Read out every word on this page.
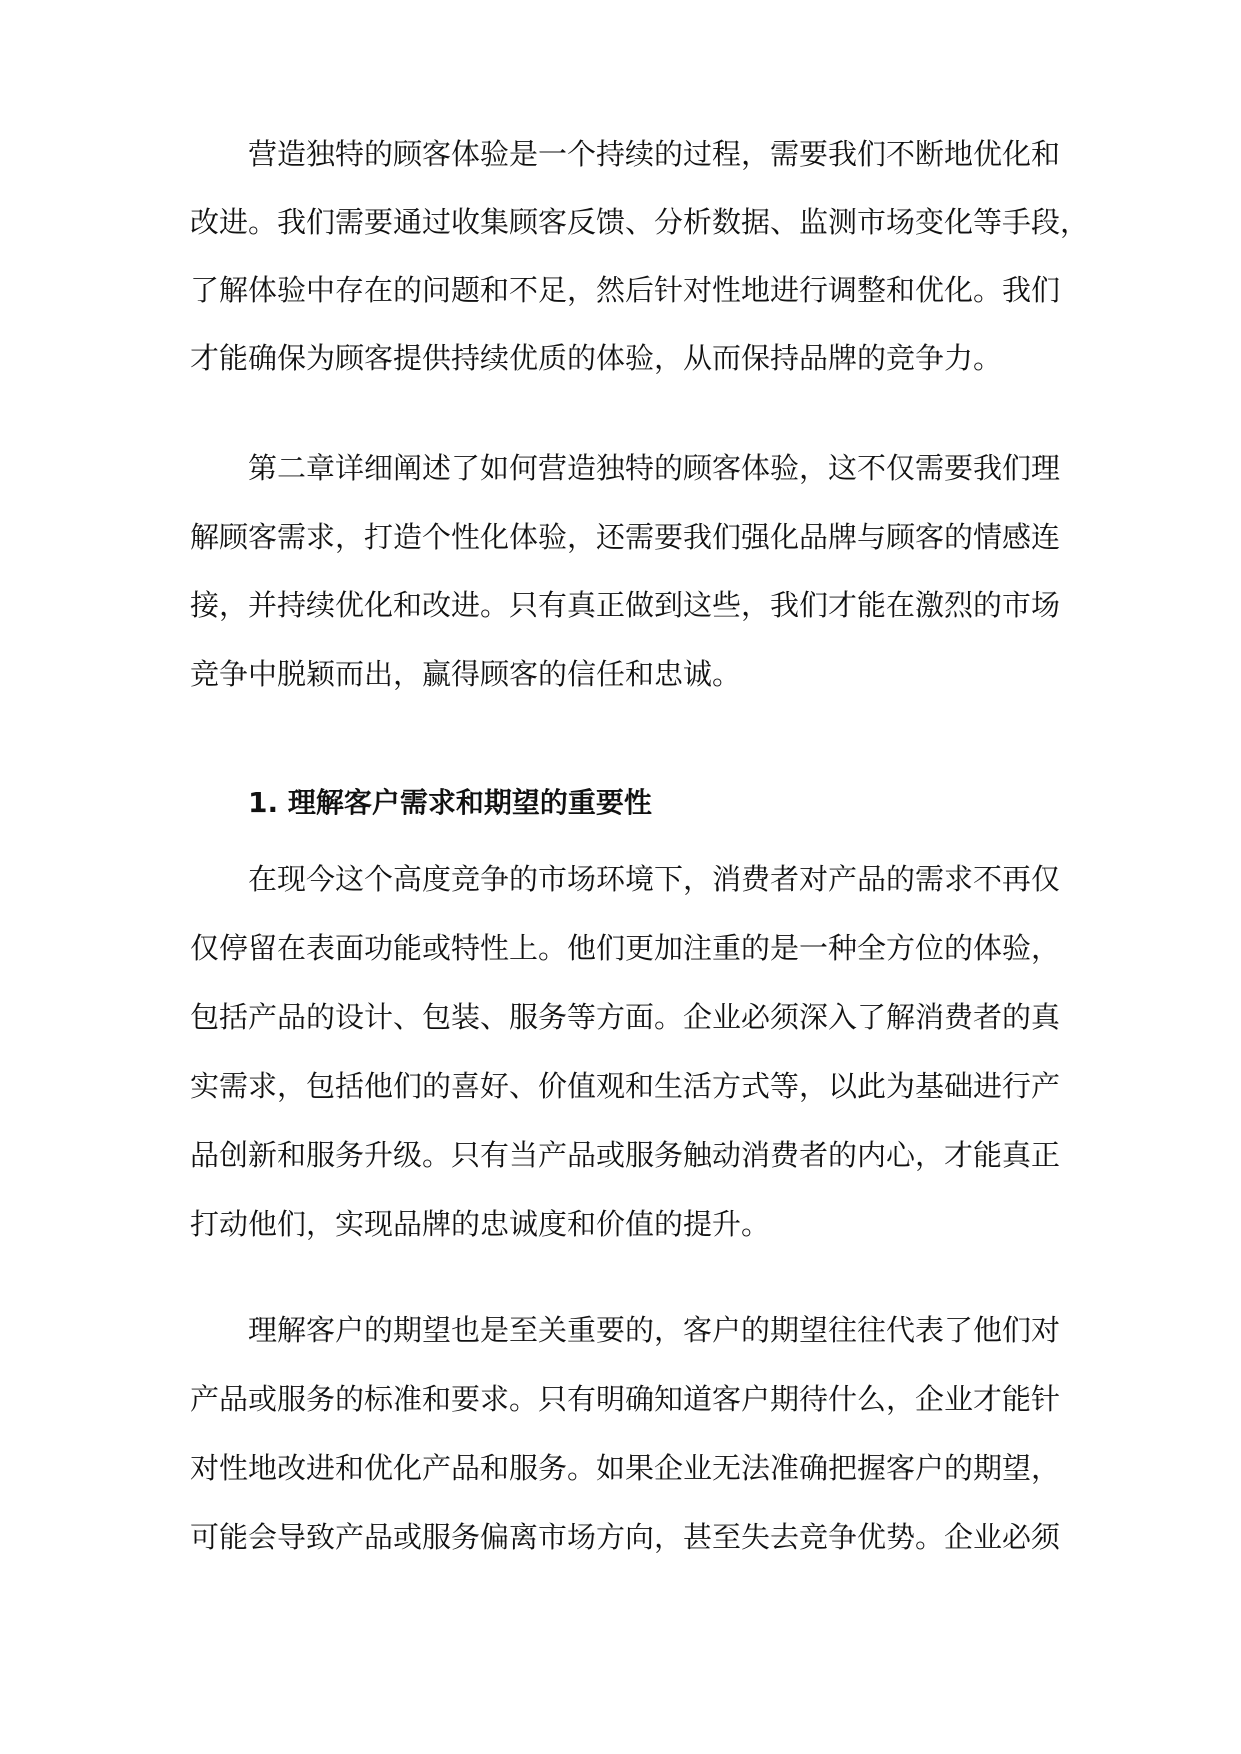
营造独特的顾客体验是一个持续的过程，需要我们不断地优化和
改进。我们需要通过收集顾客反馈、分析数据、监测市场变化等手段，
了解体验中存在的问题和不足，然后针对性地进行调整和优化。我们
才能确保为顾客提供持续优质的体验，从而保持品牌的竞争力。
第二章详细阐述了如何营造独特的顾客体验，这不仅需要我们理
解顾客需求，打造个性化体验，还需要我们强化品牌与顾客的情感连
接，并持续优化和改进。只有真正做到这些，我们才能在激烈的市场
竞争中脱颖而出，赢得顾客的信任和忠诚。
1. 理解客户需求和期望的重要性
在现今这个高度竞争的市场环境下，消费者对产品的需求不再仅
仅停留在表面功能或特性上。他们更加注重的是一种全方位的体验，
包括产品的设计、包装、服务等方面。企业必须深入了解消费者的真
实需求，包括他们的喜好、价值观和生活方式等，以此为基础进行产
品创新和服务升级。只有当产品或服务触动消费者的内心，才能真正
打动他们，实现品牌的忠诚度和价值的提升。
理解客户的期望也是至关重要的，客户的期望往往代表了他们对
产品或服务的标准和要求。只有明确知道客户期待什么，企业才能针
对性地改进和优化产品和服务。如果企业无法准确把握客户的期望，
可能会导致产品或服务偏离市场方向，甚至失去竞争优势。企业必须
